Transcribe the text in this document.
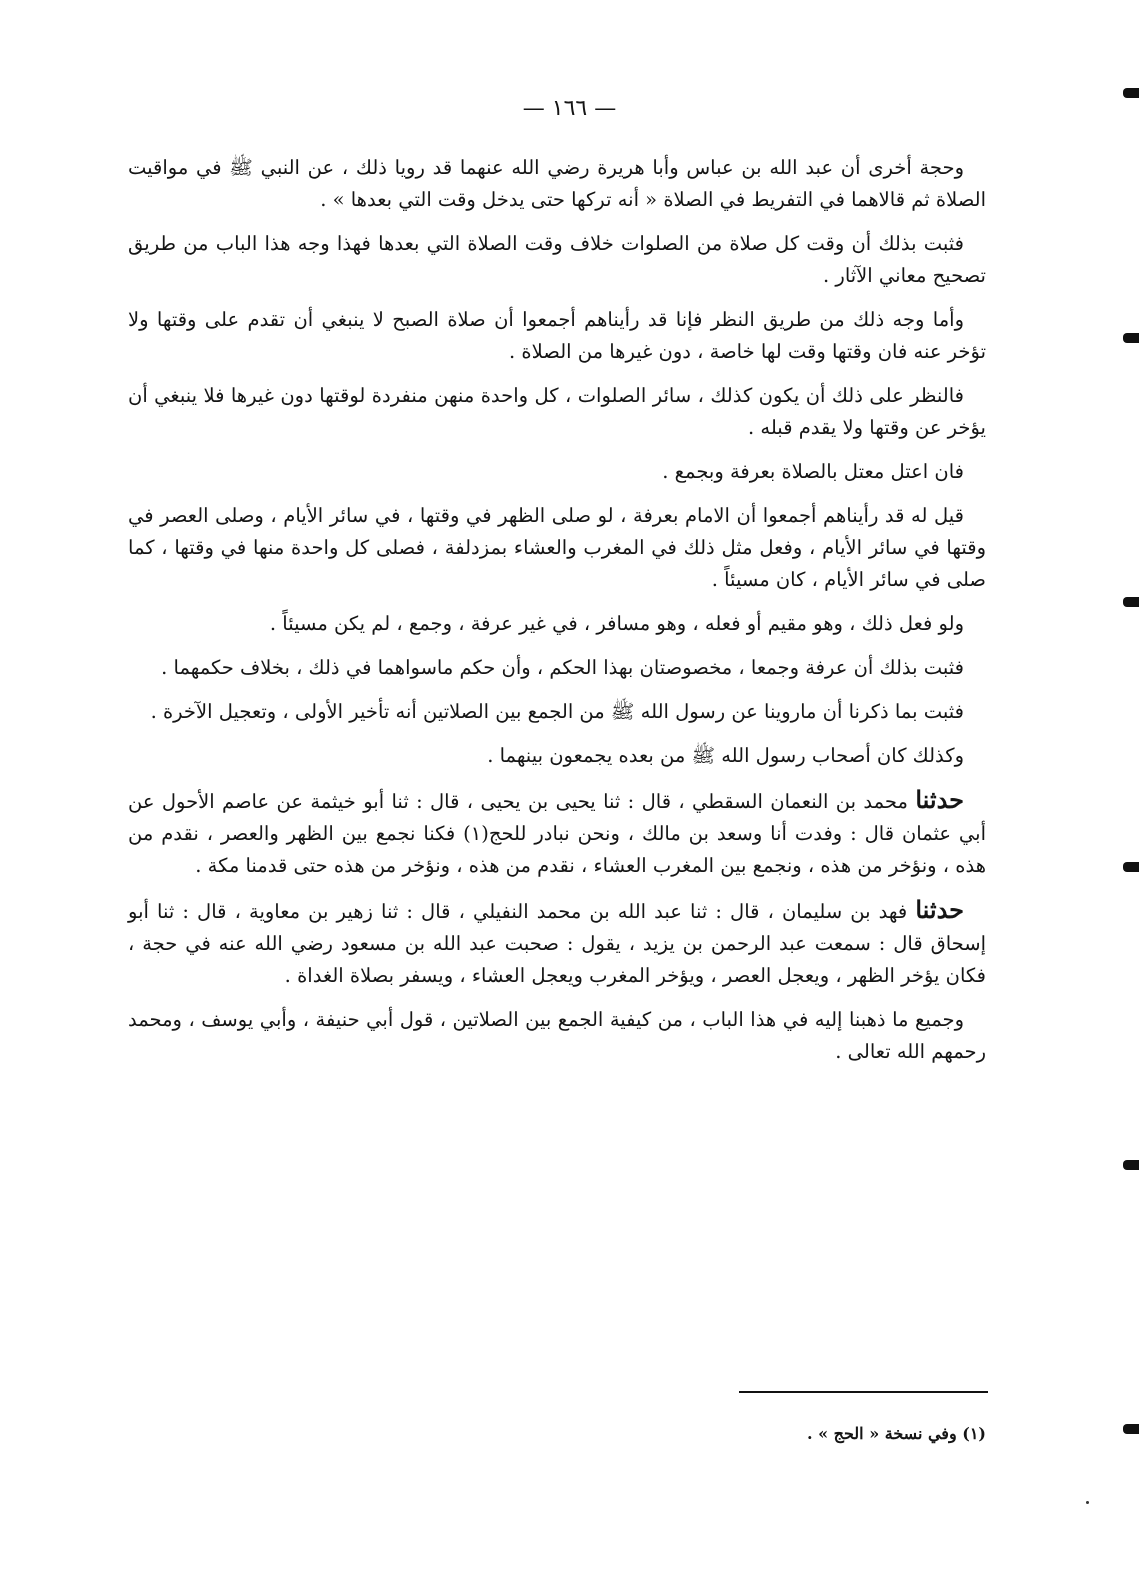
— ١٦٦ —

وحجة أخرى أن عبد الله بن عباس وأبا هريرة رضي الله عنهما قد رويا ذلك ، عن النبي ﷺ في مواقيت الصلاة ثم قالاهما في التفريط في الصلاة « أنه تركها حتى يدخل وقت التي بعدها » .

فثبت بذلك أن وقت كل صلاة من الصلوات خلاف وقت الصلاة التي بعدها فهذا وجه هذا الباب من طريق تصحيح معاني الآثار .

وأما وجه ذلك من طريق النظر فإنا قد رأيناهم أجمعوا أن صلاة الصبح لا ينبغي أن تقدم على وقتها ولا تؤخر عنه فان وقتها وقت لها خاصة ، دون غيرها من الصلاة .

فالنظر على ذلك أن يكون كذلك ، سائر الصلوات ، كل واحدة منهن منفردة لوقتها دون غيرها فلا ينبغي أن يؤخر عن وقتها ولا يقدم قبله .

فان اعتل معتل بالصلاة بعرفة وبجمع .

قيل له قد رأيناهم أجمعوا أن الامام بعرفة ، لو صلى الظهر في وقتها ، في سائر الأيام ، وصلى العصر في وقتها في سائر الأيام ، وفعل مثل ذلك في المغرب والعشاء بمزدلفة ، فصلى كل واحدة منها في وقتها ، كما صلى في سائر الأيام ، كان مسيئاً .

ولو فعل ذلك ، وهو مقيم أو فعله ، وهو مسافر ، في غير عرفة ، وجمع ، لم يكن مسيئاً .

فثبت بذلك أن عرفة وجمعا ، مخصوصتان بهذا الحكم ، وأن حكم ماسواهما في ذلك ، بخلاف حكمهما .

فثبت بما ذكرنا أن ماروينا عن رسول الله ﷺ من الجمع بين الصلاتين أنه تأخير الأولى ، وتعجيل الآخرة .

وكذلك كان أصحاب رسول الله ﷺ من بعده يجمعون بينهما .

حدثنا محمد بن النعمان السقطي ، قال : ثنا يحيى بن يحيى ، قال : ثنا أبو خيثمة عن عاصم الأحول عن أبي عثمان قال : وفدت أنا وسعد بن مالك ، ونحن نبادر للحج(١) فكنا نجمع بين الظهر والعصر ، نقدم من هذه ، ونؤخر من هذه ، ونجمع بين المغرب العشاء ، نقدم من هذه ، ونؤخر من هذه حتى قدمنا مكة .

حدثنا فهد بن سليمان ، قال : ثنا عبد الله بن محمد النفيلي ، قال : ثنا زهير بن معاوية ، قال : ثنا أبو إسحاق قال : سمعت عبد الرحمن بن يزيد ، يقول : صحبت عبد الله بن مسعود رضي الله عنه في حجة ، فكان يؤخر الظهر ، ويعجل العصر ، ويؤخر المغرب ويعجل العشاء ، ويسفر بصلاة الغداة .

وجميع ما ذهبنا إليه في هذا الباب ، من كيفية الجمع بين الصلاتين ، قول أبي حنيفة ، وأبي يوسف ، ومحمد رحمهم الله تعالى .

(١) وفي نسخة « الحج » .
